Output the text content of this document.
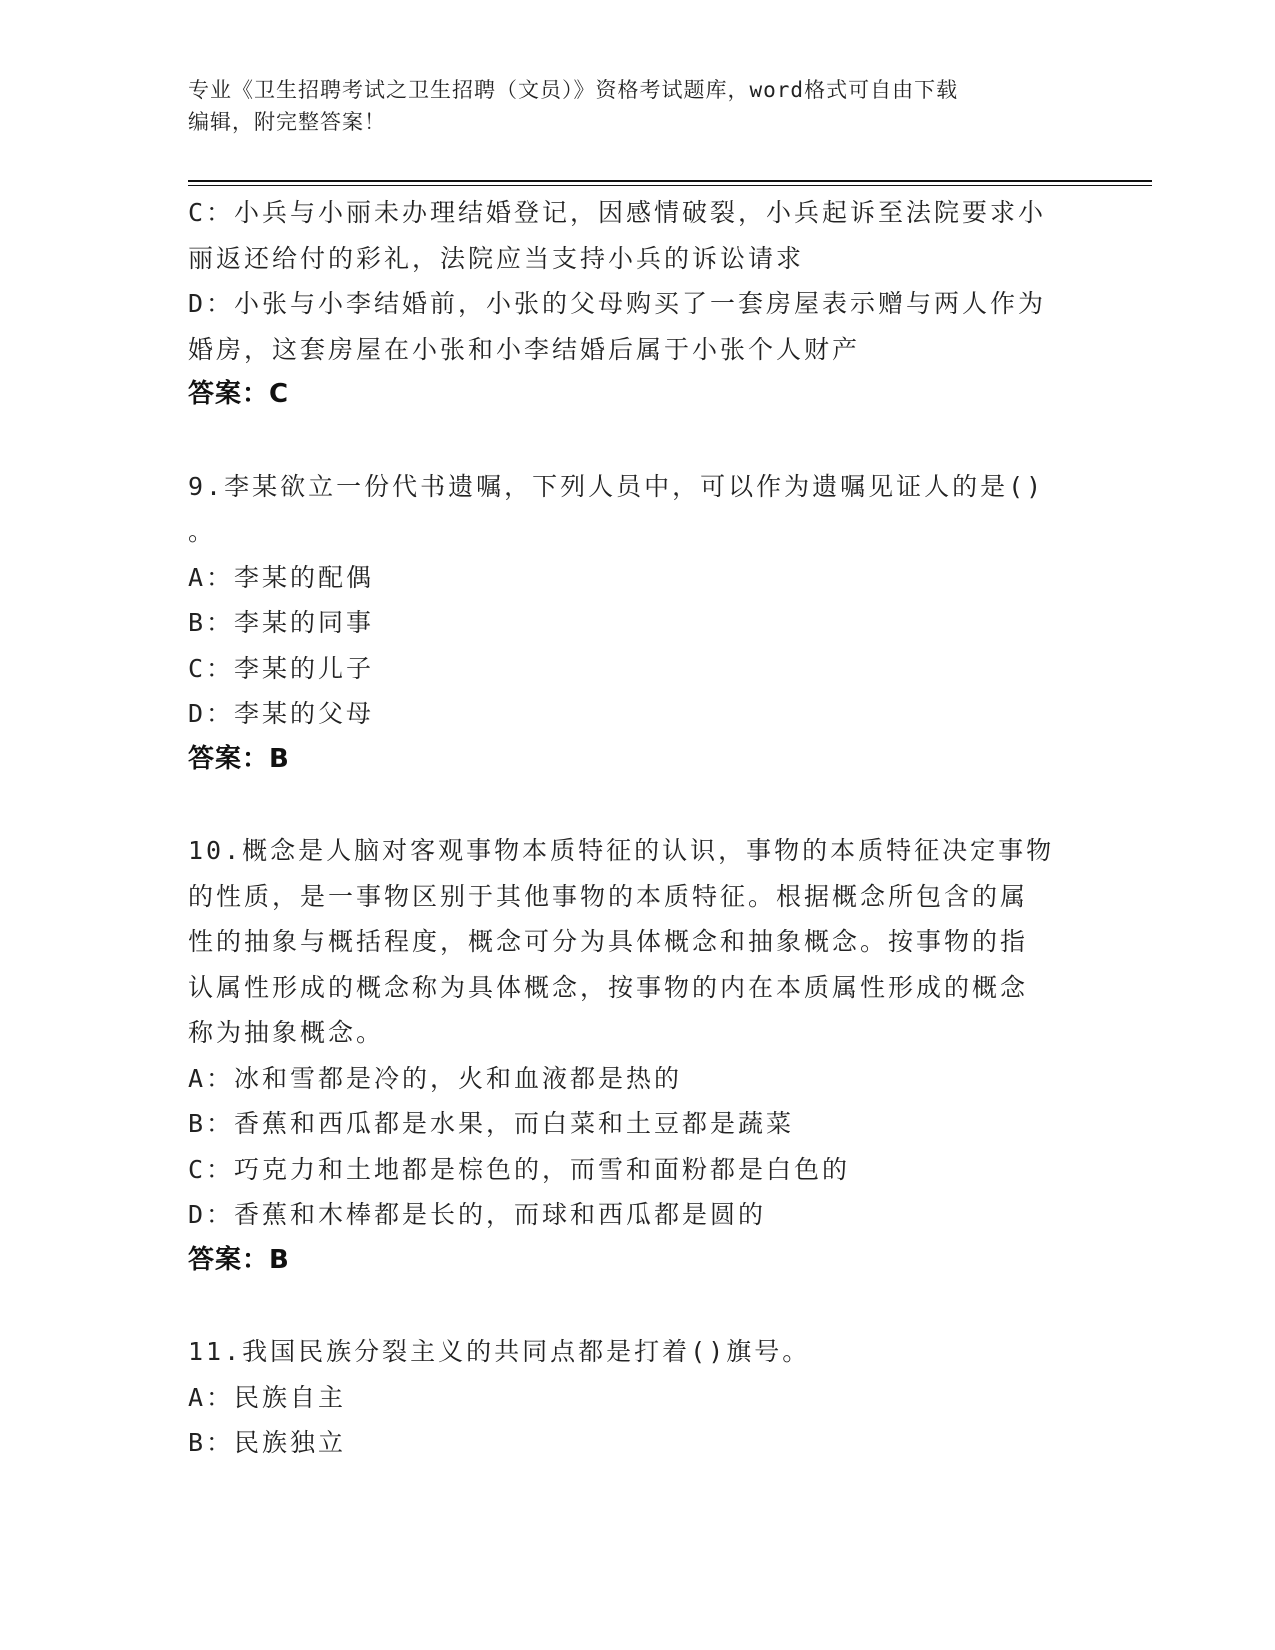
专业《卫生招聘考试之卫生招聘（文员）》资格考试题库，word格式可自由下载
编辑，附完整答案！
C：小兵与小丽未办理结婚登记，因感情破裂，小兵起诉至法院要求小
丽返还给付的彩礼，法院应当支持小兵的诉讼请求
D：小张与小李结婚前，小张的父母购买了一套房屋表示赠与两人作为
婚房，这套房屋在小张和小李结婚后属于小张个人财产
答案：C
9.李某欲立一份代书遗嘱，下列人员中，可以作为遗嘱见证人的是()
。
A：李某的配偶
B：李某的同事
C：李某的儿子
D：李某的父母
答案：B
10.概念是人脑对客观事物本质特征的认识，事物的本质特征决定事物
的性质，是一事物区别于其他事物的本质特征。根据概念所包含的属
性的抽象与概括程度，概念可分为具体概念和抽象概念。按事物的指
认属性形成的概念称为具体概念，按事物的内在本质属性形成的概念
称为抽象概念。
A：冰和雪都是冷的，火和血液都是热的
B：香蕉和西瓜都是水果，而白菜和土豆都是蔬菜
C：巧克力和土地都是棕色的，而雪和面粉都是白色的
D：香蕉和木棒都是长的，而球和西瓜都是圆的
答案：B
11.我国民族分裂主义的共同点都是打着()旗号。
A：民族自主
B：民族独立
